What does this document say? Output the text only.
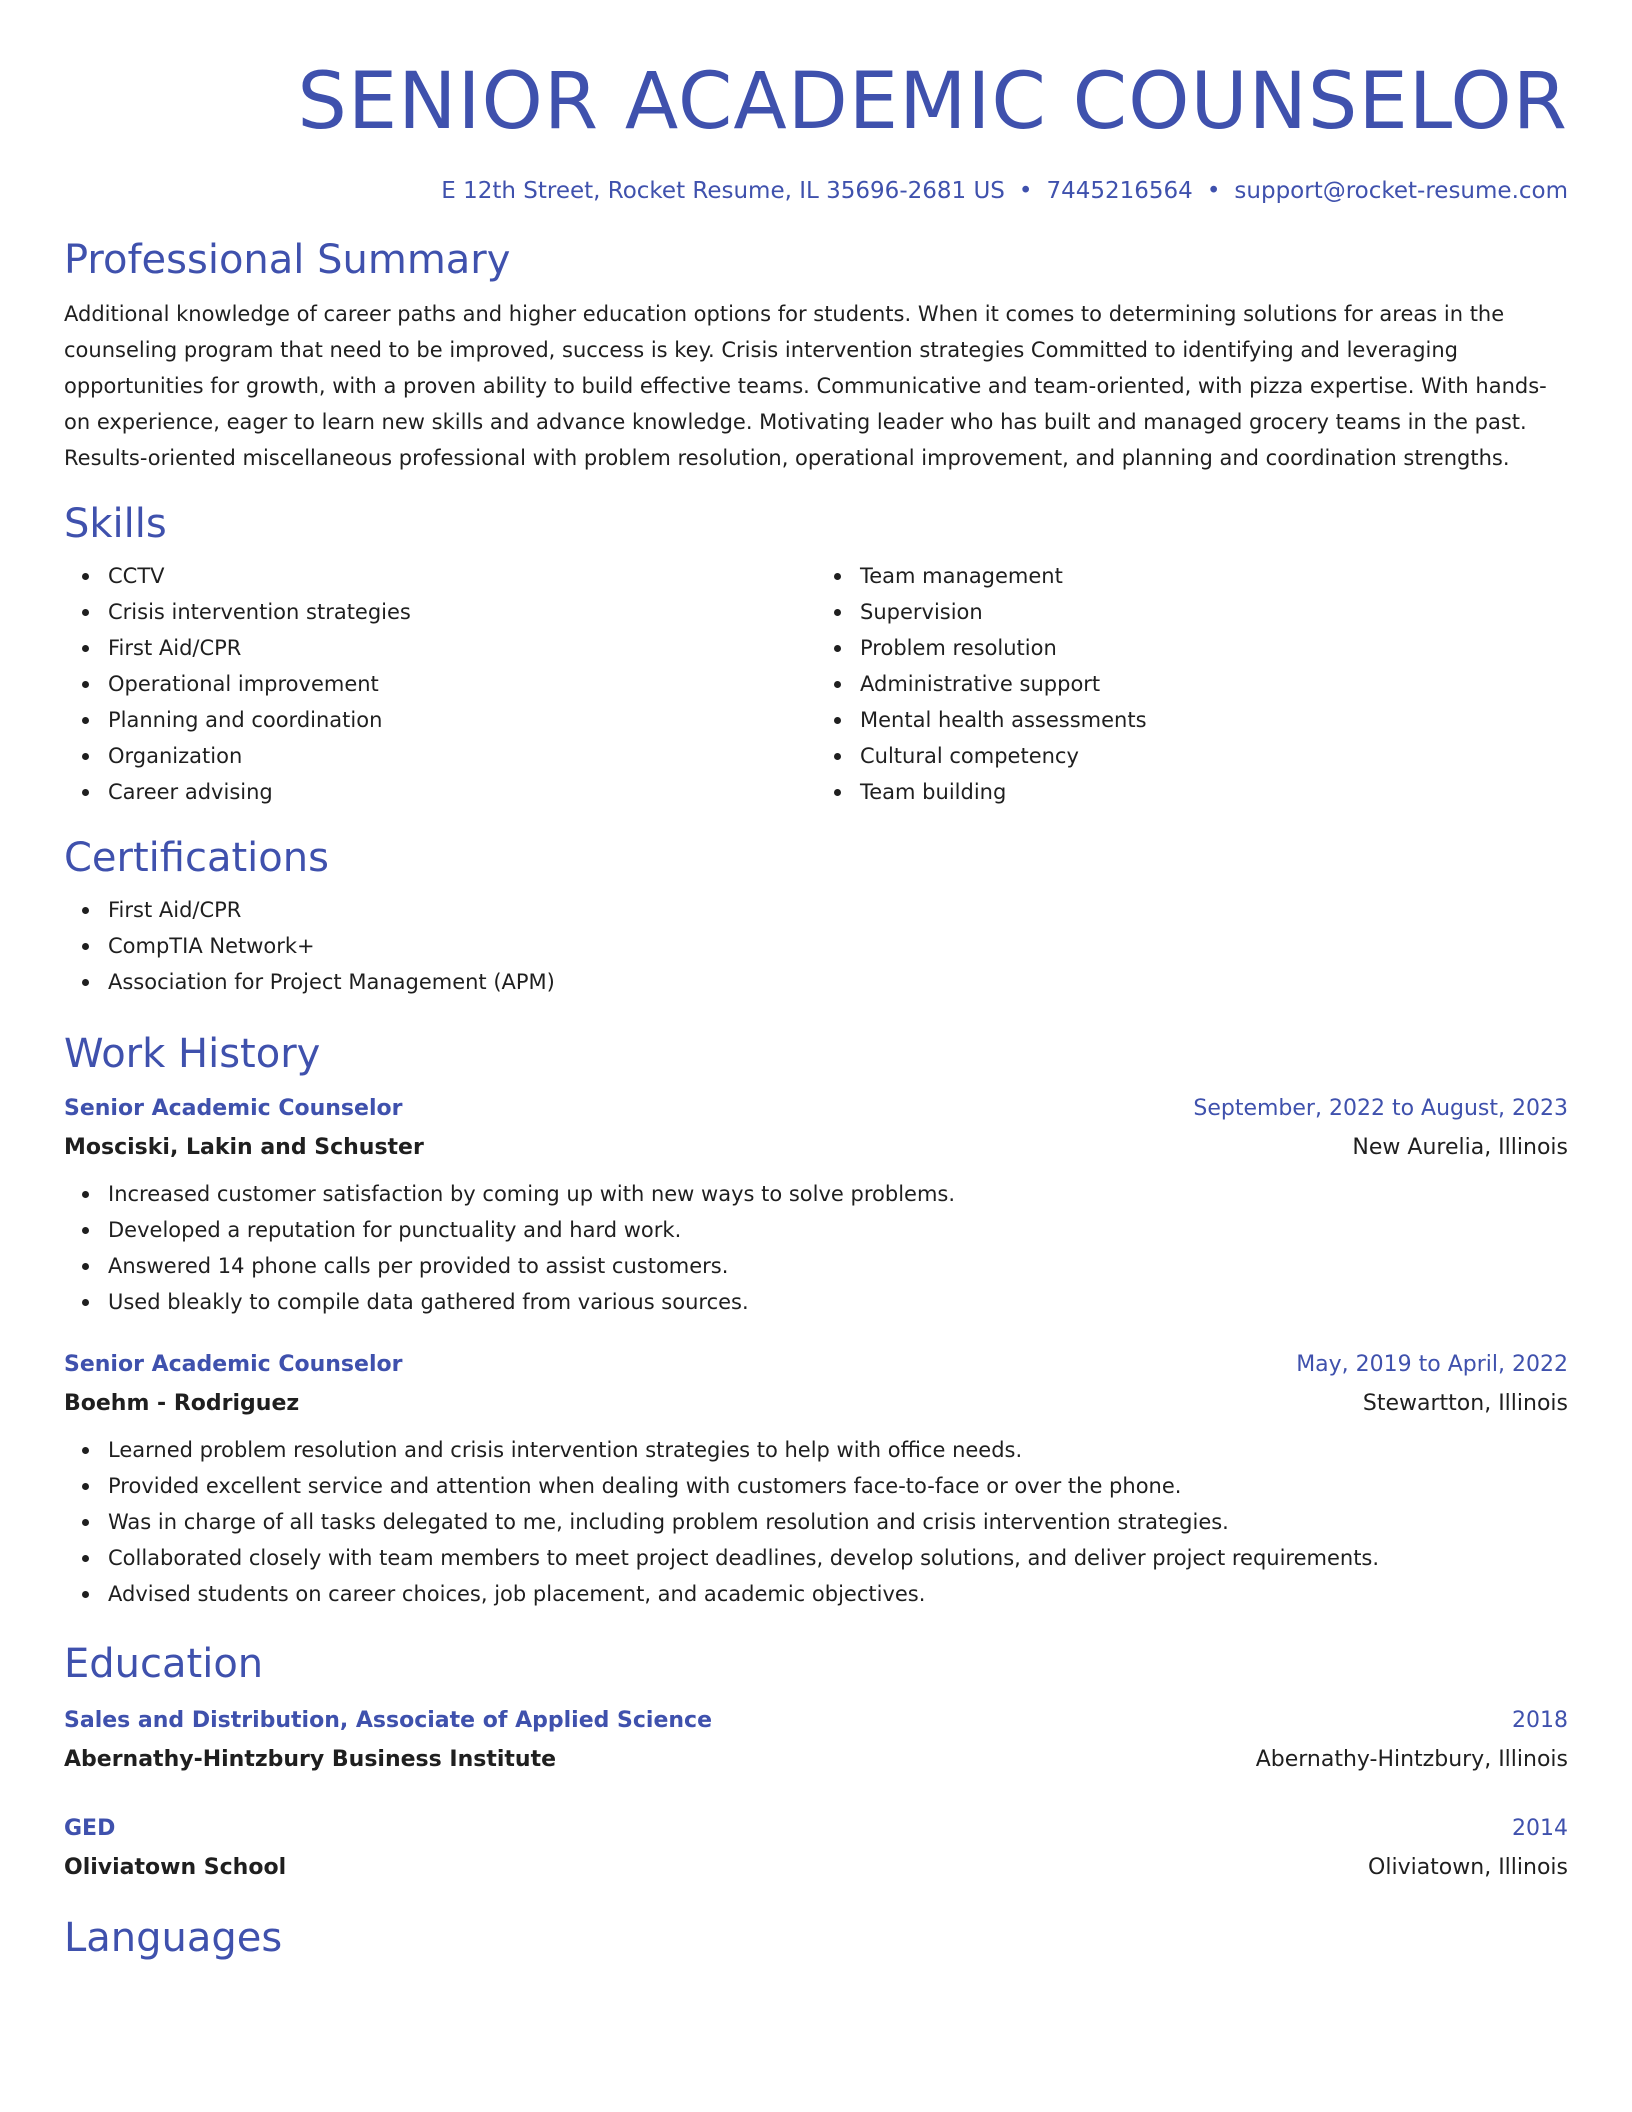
SENIOR ACADEMIC COUNSELOR
E 12th Street, Rocket Resume, IL 35696-2681 US • 7445216564 • support@rocket-resume.com
Professional Summary

Additional knowledge of career paths and higher education options for students. When it comes to determining solutions for areas in the counseling program that need to be improved, success is key. Crisis intervention strategies Committed to identifying and leveraging opportunities for growth, with a proven ability to build effective teams. Communicative and team-oriented, with pizza expertise. With hands-on experience, eager to learn new skills and advance knowledge. Motivating leader who has built and managed grocery teams in the past. Results-oriented miscellaneous professional with problem resolution, operational improvement, and planning and coordination strengths.

Skills
CCTV
Crisis intervention strategies
First Aid/CPR
Operational improvement
Planning and coordination
Organization
Career advising
Team management
Supervision
Problem resolution
Administrative support
Mental health assessments
Cultural competency
Team building
Certifications
First Aid/CPR
CompTIA Network+
Association for Project Management (APM)
Work History
Senior Academic Counselor	September, 2022 to August, 2023
Mosciski, Lakin and Schuster	New Aurelia, Illinois
Increased customer satisfaction by coming up with new ways to solve problems.
Developed a reputation for punctuality and hard work.
Answered 14 phone calls per provided to assist customers.
Used bleakly to compile data gathered from various sources.
Senior Academic Counselor	May, 2019 to April, 2022
Boehm - Rodriguez	Stewartton, Illinois
Learned problem resolution and crisis intervention strategies to help with office needs.
Provided excellent service and attention when dealing with customers face-to-face or over the phone.
Was in charge of all tasks delegated to me, including problem resolution and crisis intervention strategies.
Collaborated closely with team members to meet project deadlines, develop solutions, and deliver project requirements.
Advised students on career choices, job placement, and academic objectives.
Education
Sales and Distribution, Associate of Applied Science	2018
Abernathy-Hintzbury Business Institute	Abernathy-Hintzbury, Illinois
GED	2014
Oliviatown School	Oliviatown, Illinois
Languages
